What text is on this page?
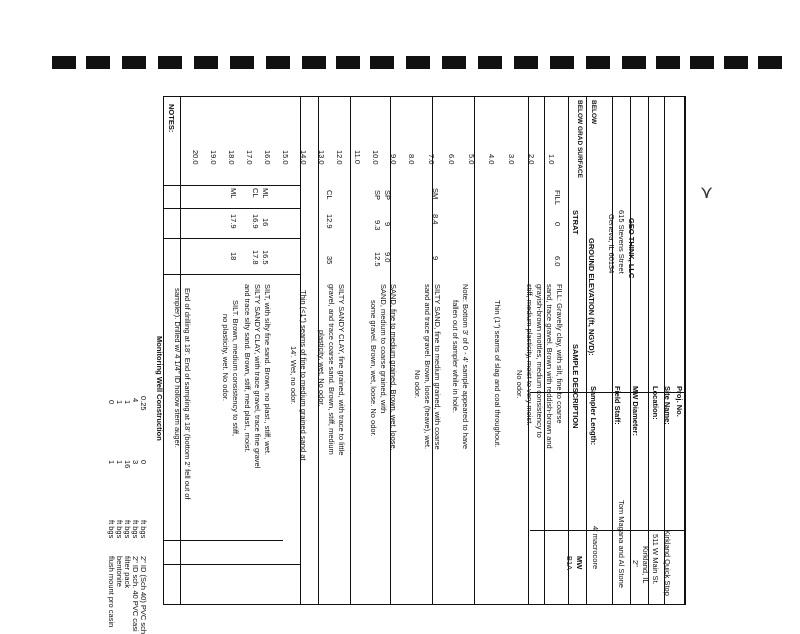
⋎
GEO THINK, LLC
615 Stevens Street
Geneva, IL 60134
Proj. No.
Site Name:
Kirkland Quick Stop
Location:
511 W Main St.
Kirkland, IL
MW Diameter:
2"
Field Staff:
Tom Magana and Al Stone
Sampler Length:
4' macrocore
GROUND ELEVATION (ft, NGVD):
MW
B1A
BELOW
BELOW GRAD SURFACE
STRAT
SAMPLE DESCRIPTION
1.0
2.0
3.0
4.0
5.0
6.0
7.0
8.0
9.0
10.0
11.0
12.0
13.0
14.0
15.0
16.0
17.0
18.0
19.0
20.0
FILL
0
6.0
SM
8.4
9
SP
9
9.0
SP
9.3
12.5
CL
12.9
35
ML
16
16.5
CL
16.9
17.8
ML
17.9
18
FILL: Gravelly clay, with silt, fine to coarse
sand, trace gravel. Brown with reddish-brown and
grayish-brown mottles, medium consistency to
stiff, medium plasticity, moist to very moist.
No odor.
Thin (1") seams of slag and coal throughout.
Note: Bottom 3' of 0 - 4' sample appeared to have
fallen out of sampler while in hole.
SILTY SAND, fine to medium grained, with coarse
sand and trace gravel. Brown, loose (heave), wet.
No odor.
SAND, fine to medium grained. Brown, wet, loose.
SAND, medium to coarse grained, with
some gravel. Brown, wet, loose. No odor.
SILTY SANDY CLAY, fine grained, with trace to little
gravel, and trace coarse sand. Brown, stiff, medium
plasticity, wet. No odor.
Thin (<1") seams of fine to medium grained sand at
14'. Wet, no odor.
SILT, with silty fine sand. Brown, no plast., stiff, wet.
SILTY SANDY CLAY, with trace gravel, trace fine gravel
and trace silty sand. Brown, stiff, med plast., moist.
SILT. Brown, medium consistency to stiff,
no plasticity, wet. No odor.
End of drilling at 18'. End of sampling at 18' (bottom 2' fell out of
sampler). Drilled w/ 4 1/4" ID hollow stem auger.
NOTES:
Monitoring Well Construction
0.25
0
ft bgs
2" ID (Sch 40) PVC sch
4
3
ft bgs
2" ID sch. 40 PVC casi
1
16
ft bgs
filter pack
1
1
ft bgs
bentonite
0
1
ft bgs
flush mount pro casin
